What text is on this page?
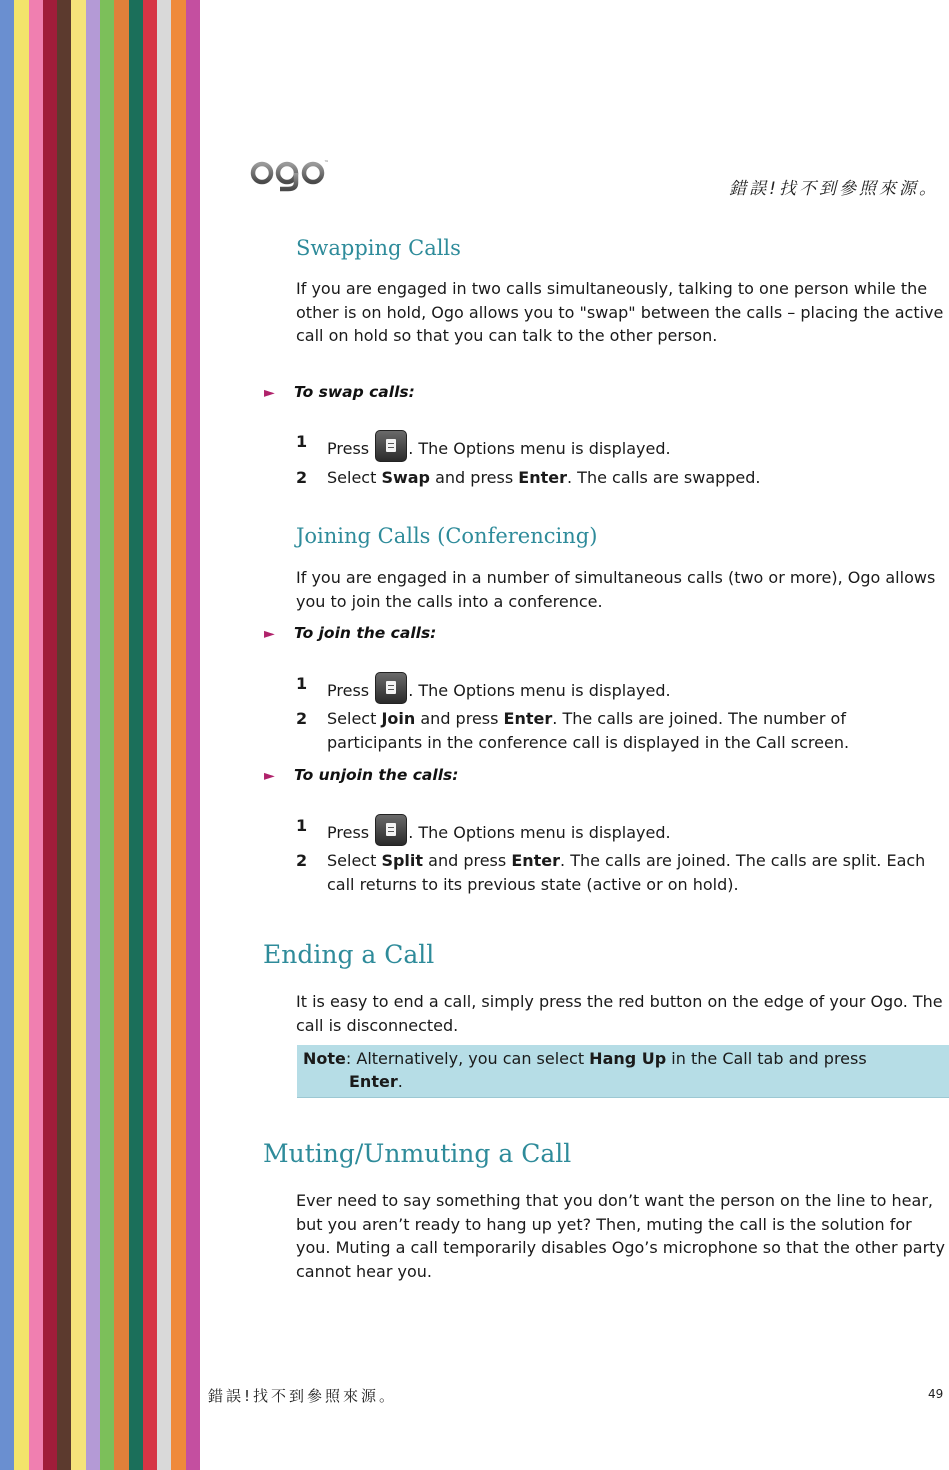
™
錯誤!找不到參照來源。
Swapping Calls
If you are engaged in two calls simultaneously, talking to one person while the other is on hold, Ogo allows you to "swap" between the calls – placing the active call on hold so that you can talk to the other person.
► To swap calls:
1 Press
. The Options menu is displayed.
2 Select Swap and press Enter. The calls are swapped.
Joining Calls (Conferencing)
If you are engaged in a number of simultaneous calls (two or more), Ogo allows you to join the calls into a conference.
► To join the calls:
1 Press
. The Options menu is displayed.
2 Select Join and press Enter. The calls are joined. The number of participants in the conference call is displayed in the Call screen.
► To unjoin the calls:
1 Press
. The Options menu is displayed.
2 Select Split and press Enter. The calls are joined. The calls are split. Each call returns to its previous state (active or on hold).
Ending a Call
It is easy to end a call, simply press the red button on the edge of your Ogo. The call is disconnected.
Note: Alternatively, you can select Hang Up in the Call tab and press
Enter.
Muting/Unmuting a Call
Ever need to say something that you don’t want the person on the line to hear, but you aren’t ready to hang up yet? Then, muting the call is the solution for you. Muting a call temporarily disables Ogo’s microphone so that the other party cannot hear you.
錯誤!找不到參照來源。	49
